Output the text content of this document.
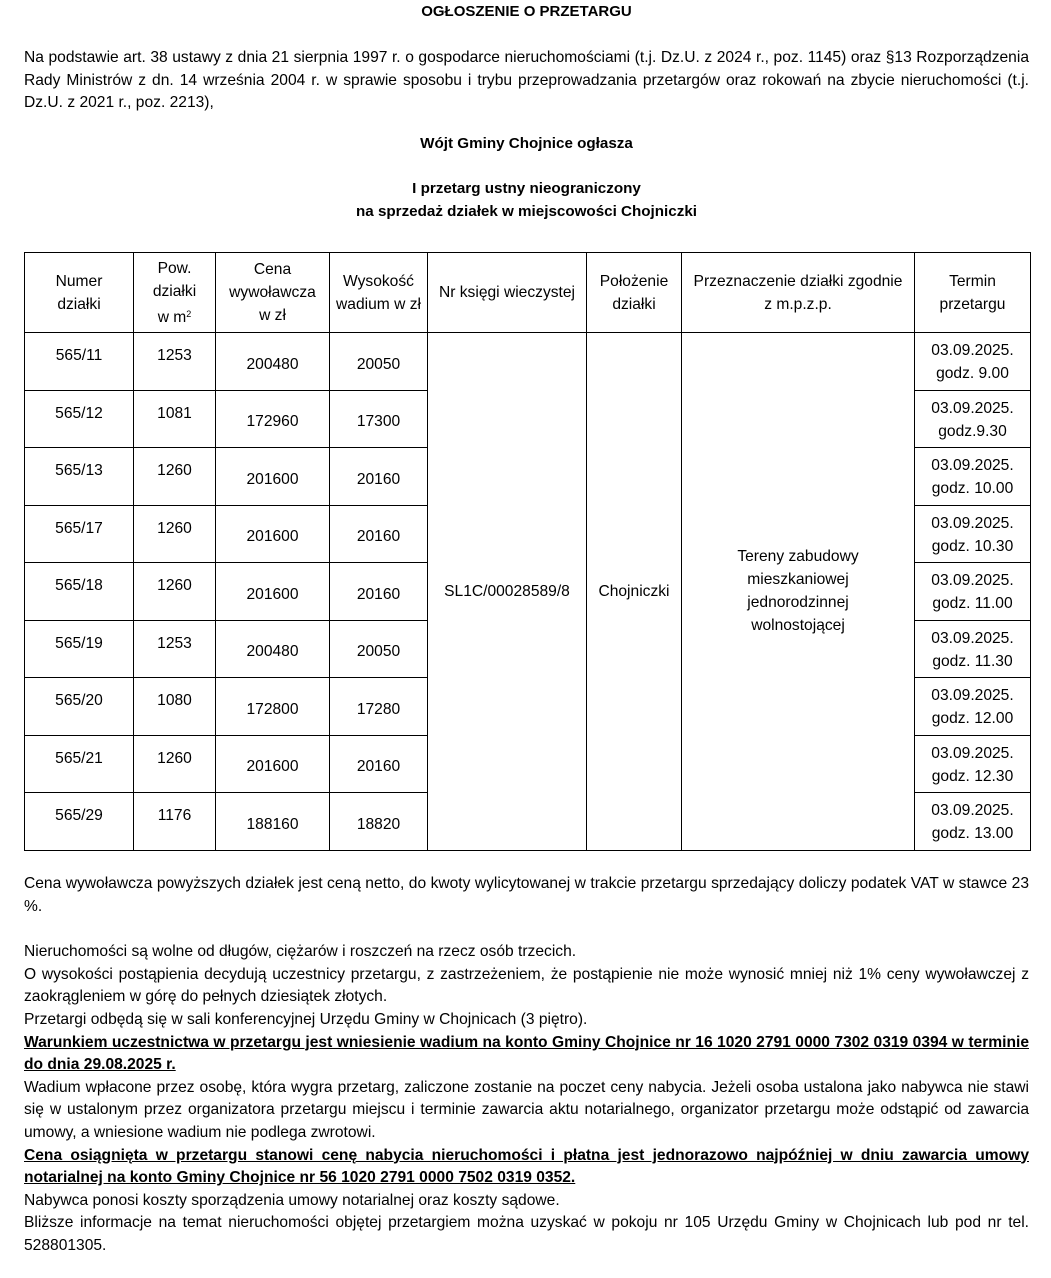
OGŁOSZENIE O PRZETARGU

Na podstawie art. 38 ustawy z dnia 21 sierpnia 1997 r. o gospodarce nieruchomościami (t.j. Dz.U. z 2024 r., poz. 1145) oraz §13 Rozporządzenia Rady Ministrów z dn. 14 września 2004 r. w sprawie sposobu i trybu przeprowadzania przetargów oraz rokowań na zbycie nieruchomości (t.j. Dz.U. z 2021 r., poz. 2213),

Wójt Gminy Chojnice ogłasza
I przetarg ustny nieograniczony
na sprzedaż działek w miejscowości Chojniczki
Numer działki	Pow. działki w $m^2$	Cena wywoławcza w zł	Wysokość wadium w zł	Nr księgi wieczystej	Położenie działki	Przeznaczenie działki zgodnie z m.p.z.p.	Termin przetargu
565/11	1253	200480	20050	SL1C/00028589/8	Chojniczki	Tereny zabudowy mieszkaniowej jednorodzinnej wolnostojącej	03.09.2025.
godz. 9.00

565/12	1081	172960	17300				03.09.2025.
godz.9.30

565/13	1260	201600	20160				03.09.2025.
godz. 10.00

565/17	1260	201600	20160				03.09.2025.
godz. 10.30

565/18	1260	201600	20160				03.09.2025.
godz. 11.00

565/19	1253	200480	20050				03.09.2025.
godz. 11.30

565/20	1080	172800	17280				03.09.2025.
godz. 12.00

565/21	1260	201600	20160				03.09.2025.
godz. 12.30

565/29	1176	188160	18820				03.09.2025.
godz. 13.00

Cena wywoławcza powyższych działek jest ceną netto, do kwoty wylicytowanej w trakcie przetargu sprzedający doliczy podatek VAT w stawce 23 %.

Nieruchomości są wolne od długów, ciężarów i roszczeń na rzecz osób trzecich.

O wysokości postąpienia decydują uczestnicy przetargu, z zastrzeżeniem, że postąpienie nie może wynosić mniej niż 1% ceny wywoławczej z zaokrągleniem w górę do pełnych dziesiątek złotych.

Przetargi odbędą się w sali konferencyjnej Urzędu Gminy w Chojnicach (3 piętro).

Warunkiem uczestnictwa w przetargu jest wniesienie wadium na konto Gminy Chojnice nr 16 1020 2791 0000 7302 0319 0394 w terminie do dnia 29.08.2025 r.

Wadium wpłacone przez osobę, która wygra przetarg, zaliczone zostanie na poczet ceny nabycia. Jeżeli osoba ustalona jako nabywca nie stawi się w ustalonym przez organizatora przetargu miejscu i terminie zawarcia aktu notarialnego, organizator przetargu może odstąpić od zawarcia umowy, a wniesione wadium nie podlega zwrotowi.

Cena osiągnięta w przetargu stanowi cenę nabycia nieruchomości i płatna jest jednorazowo najpóźniej w dniu zawarcia umowy notarialnej na konto Gminy Chojnice nr 56 1020 2791 0000 7502 0319 0352.

Nabywca ponosi koszty sporządzenia umowy notarialnej oraz koszty sądowe.

Bliższe informacje na temat nieruchomości objętej przetargiem można uzyskać w pokoju nr 105 Urzędu Gminy w Chojnicach lub pod nr tel. 528801305.
